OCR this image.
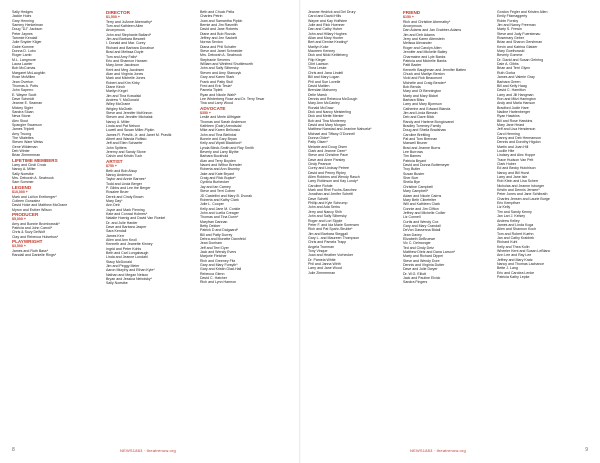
Sally Hedges
Jackie Hoirs
Gary Henning
Sammy Henkelman
Doug "DJ" Jackson
Peter Jaynes
Tammie Kendall
Julie Snyder Kliger
Gabe Kumme
Donna D. Lobo
Roger Lamb
M.L. Langmore
Laura Lawler
Bob McComas
Margaret McLaughlin
Rose McMillen
Jean Overton
Thomas A. Potts
John Saperro
E. Wayne Scott
Dave Schmidt
Jeanne E. Seaman
Mickey Sigler
Sandra Sloan
Neva Stone
Alex Stout
Spangler Swanson
James Triplett
Amy Truong
The Vitalettes
Steven Ware Weiss
Gene Wildeman
Deb Winter
Brian Zimmerman
LIFETIME MEMBERS
Larry and Cindi Crock
Nancy A. Miller
Sally Noestke
Mrs. Deborah A. Seabrook
Sam Sommer
LEGEND
$10,000 +
Mark and LaVon Ereiberger*
Colleen Gonzalez
David Hoke and Matthew McGrane
Myron and Esther Wilson
PRODUCER
$5,000 +
Amy and Bonnie Brombowski*
Patricia and John Carroll*
Chris & Suzy DeWolf
Clay and Rebecca Hulsebus*
PLAYWRIGHT
$3,500 +
James and Ruth Bass*
Randall and Danielle Rings*
DIRECTOR
$1,500 +
Terry and JoAnne Abernathy*
Tom and Kathleen Allen
Anonymous
John and Stephanie Ballard*
Jim and Barbara Beswell
I. Donald and Mar. Corey
Richard and Barbara Donahue
Brad and Melissa Doyle
Tom and Amy Falls*
Eric and Shannon Hansen
Mary Anne Jacobson
Kent and Meg Jacobsen
Alan and Virginia Jones
Mark and Michelle Jones
Robert and Kim Kirby
Diane Kinch
Marilyn Kegel
Jim and Tina Kowalski
Andrew Y. McDonald
Wiley McGrane
Wrigley McGrath
Steve and Jennifer McKinnon
Steven and Jennifer Michalak
Nancy A. Miller
Linda and Pat Nelson
Lowell and Susan Miller-Pipkin
James R. Pravlik, Jr. and Janet M. Pravlik
Albert and Wanda Ruffalo
Jeff and Ellen Schaefer
John Spitters
Jeremy and Sandy Stone
Calvin and Kristin Tuch
ARTIST
$750 +
Beth and Bob Alsup
Nancy Anderson
Taylor and Annie Barnes*
Todd and Linda Berger
P. Gibbs and Lee the Berger
Rosalee Bruer
Derek and Cindy Brown
Mary Day*
Ann Deir
Joyce and Mark Fleming
Kate and Conrad Holmes*
Natalie Hoenig and David Van Roekel
Dr. and Julie Harder
Dave and Barbara Jasper
Sara Kendall
James Kerr
Allen and Ann Knoll
Kenneth and Jeanette Kinney
Ingrid and Peter Kohls
Beth and Carl Longabaugh
Linda and Jeanne Lundahl
Stacy McDonald
Jim and Peggy Meier
Aaron Murphy and Ethan Kyle*
Nathan and Megan Nelson
Bryan and Jessica Nebolsky*
Sally Noestke
Beth and Chuck Pella
Charles Petrin
Joan and Samantha Pipkin
Bernie and Jim Rasmith
David and Jane Roberts
Diane and Bob Rozola
Jeffrey and Jen Sackett
Norma Sexton
Diana and Phil Schafer
Steve and Janet Schneider
Mrs. Deborah A. Seabrook
Stephanie Severns
William and Winifred Shuttleworth
John and Sally Silbersky
Steven and Amy Stanczyk
Gary and Karen Stark
Frank and Patty Stull
Fred and Eric Tesla*
Pamela Tiplett
Ryan and Nicole Wahl*
Lee Winterberg Rose and Dr. Terry Tesar
Tina and Larry Wood
ADVOCATE
$350 +
Leslie and Merle Allfrigate
Thomas and Sarah Anderson
Kathleen (Dale) Arendsdal
Mike and Karen Bellonsio
John and Tina Bielinksi
Bonnie and Gary Bryan
Kelly and Wyatt Blackford*
Lynda Bleck-Smith and Ray Smith
Beverly and Larry Blythe
Barbara Bockhold
Alan and Terry Boyden
Naomi and Wilbur Brender
Roberta and Ann Brumby
Jake and Kate Bryant
Craig and Rick Bupke*
Cynthia Burbecker
Jay and Ian Carney
Steve and Terri Cohen
JD Castellini and Mary B. Dvorak
Roberta and Kathy Clark
Julie L. Cooper
Kelly and Jane M. Conkle
John and Luella Creager
Thomas and Tina Dunn*
Maryfran Dannan
Betty Dekker
Patrick D and Dalgaard*
Bill and Patty Durrey
Debra and Monette Dannfeld
Jean Dunham
Jeff and Terri Dyer
Jack and Wendy Evers
Marjorie Fletcher
Rich and Greeney Fitz
Gary and Mary Forsyth*
Gary and Kristin Glad-Hall
Rebecca Glenn
David C. Hatcher
Rich and Lynn Harmon
Jeanne Hedrick and Del Drury
Carol and David Hills
Wayne and Kay Hoffstee
Julie and Rick Hoenner
Dan and Cathy Huber
John and Hillary Hughes
Allan and Mary Hunter
Bert and Denise Keating*
Marilyn Koke
Maureen Kenney
Dick and Nikki Kettleberg
Filip Kleger
Clint Lawson
Thea Leske
Chris and Jana Lindell
Bill and Mary Logan
Phil and Sue Lovelle
David Maitlen
Brendan Mahoney
Delle Marsh
Dennis and Rebecca McGough
Mary Ann McCanley
Ronald McGraw
Dick and Nancy Meisterling
Dick and Mette Menter
Bob and Tina Monterrey
David and Mary Morgan
Matthew Nanstad and Jeanine Nahuela*
Michael and Tiffany O'Donnell
Donna Older*
Patty Olsen*
Melanie and Doug Olsen
Clark and Jeanne Ozen*
Steve and Christine Pace
Dave and Anne Parsley
Cindy Pearson
Corey and Lindsay Petree
David and Penny Ripley
Allen Robbins and Wendy Rasch
Larry Robinson and Kay Lundy*
Caroline Rohde
Mark and Rhel Fuchs-Sanchez
Jonathan and Jenifer Schettl
Dave Schettl
Phillip and Kyle Schrump
John and Ada Serbu
Jerry and Nancy Shih
John and Sally Silbersky
Roger and Lori Sipple
Peter F. and Ida Marie Sorensen
Rich and Pat Spahr-Struble*
Jim and Barbara Steggall
Gary L. and Maureen Thompson
Chris and Pamela Trapp
Angela Trueman
Tony Vinque
Joan and Heather Vorhecker
Dr. Pamela White
Phil and Janna Wirth
Larry and Jane Wood
Julie Zimmerman
FRIEND
$150 +
Rich and Christine Abernathy*
Anonymous
Dan Adams and Jan Grabber-Adams
Jim and Deb Adams
Jerry and Karen Altenstein
Melissa Alexander
Roger and Carolyn Allen
Jennifer and Michelle Bailey
Charmaine and Lyle Banks
Patricia and Michelle Banks
Patti Baxter
Kenneth Baughman and Jennifer Batten
Chuck and Marilyn Benton
Vicki and Rob Beaumont
Michelle and Craig Bender*
Bob Benda
Mary and Ol Bennington
Marty and Mary Bickel
Barbara Bilss
Larry and Mary Bjornson
Catherine and Edward Blanda
Jim and Linda Blessin
Deb and Dave Blick
Randy and Harlene Bongiovanni
Bradley Tommey-Family
Doug and Sheila Bradshaw
Caroline Breitling
Pat and Tom Brennan
Maxwell Bruner
Brad and Jeanne Burns
Lee Burrows
Tim Barnes
Patricia Bryant
David and Donna Buttemeyer
Troy Butler
Susan Buster
Sher Burr
Sheila Bye
Christine Campbell
Mary Campbell*
Adam and Nicole Cairns
Mary Beth Clinefelter
Will and Kathleen Clark
Connie and Jim Clifton
Jeffrey and Michelle Collier
Liz Connell
Curtis and Wendy Cox
Gary and Mary Crandall
DeVon Dassenna Bidali
Jean Davey
Elizabeth DeBruewe
Vic C. Delmonger
Ted and Cindy Detz
Matthew Dietz and Dana Larson*
Marty and Richard Dippel
Steve and Wendy Dore
Dennis and Virginia Dutter
Dave and Julie Dwyer
Dr. W.G. Elliott
Jack and Pauline Elvick
Sandra Fingers
Gordon Fegler and Kristen Allen
Emily Fitzmaggerty
Robin Forsby
Jim and Nancy Freeman
Marty S. Frewin
Steve and Judy Fuerstenau
Rosemary Geber
Brian and Sharon Gershman
Kevin and Katrina Glatzer
Mary Goethowski
Beverly Gomme
Dr. David and Susan Gehring
Dale A. Gibbs
Brian and Terri Glynn
Ruth Gorka
James and Valerie Gray
Barbara Green
Bill and Kelly Haag
David C. Hamilton
Larry and Jill Hangman
Ron and Mitzi Hanington
Andy and Marla Hanson
Bradford Jodie Hare
Nadine Hartenberger
Ryan Hawkins
Bill and Rose Hawkins
Mary Jane Heard
Jeff and Lisa Henderson
Carol Henning
Danny and Deb Hermanson
Dennis and Dorothy Higdon
Martin and Joan Hill
Lucille Hite
Lindsey and Alec Hoppe
Trace Hudson Van Pelt
Clark Huber
Ed and Becky Hutchison
Nancy and Bill Hurst
Larry and Jane Isle
Rob Klein and Lisa Scherr
Nicholas and Jeanne Isburger
Kristin and Dennis Jensen*
Peter Jones and Jane Schibrath
Charles Jensen and Laurie Burge
Eric Kempfiser
Liz Kelly
Tim and Sandy Kenny
Jan Lari J. Kelsey
Andrew Kelley
James and Linda Koga
Allen and Shannon Koch
Tom and Robert Kuehn
Jan and Cathy Krabbek
Richard Kuhl
Kelly and Thea Kolln
Wheeler Kent and Susan LeBlanc
Ann Lee and Ray Lee
Jeffrey and Mary Kratz
Nancy and Thomas Lachance
Bette J. Lang
Eric and Carolea Lenke
Patricia Kathy Lepke
8	NEWS1883 · theatrenow.org	NEWS1883 · theatrenow.org	9
